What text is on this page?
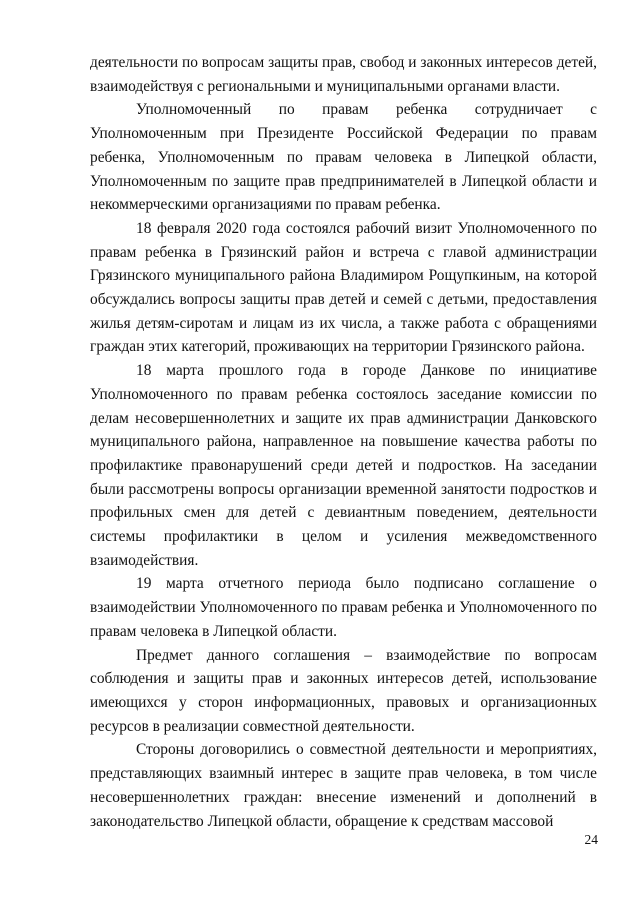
деятельности по вопросам защиты прав, свобод и законных интересов детей, взаимодействуя с региональными и муниципальными органами власти.

Уполномоченный по правам ребенка сотрудничает с Уполномоченным при Президенте Российской Федерации по правам ребенка, Уполномоченным по правам человека в Липецкой области, Уполномоченным по защите прав предпринимателей в Липецкой области и некоммерческими организациями по правам ребенка.

18 февраля 2020 года состоялся рабочий визит Уполномоченного по правам ребенка в Грязинский район и встреча с главой администрации Грязинского муниципального района Владимиром Рощупкиным, на которой обсуждались вопросы защиты прав детей и семей с детьми, предоставления жилья детям-сиротам и лицам из их числа, а также работа с обращениями граждан этих категорий, проживающих на территории Грязинского района.

18 марта прошлого года в городе Данкове по инициативе Уполномоченного по правам ребенка состоялось заседание комиссии по делам несовершеннолетних и защите их прав администрации Данковского муниципального района, направленное на повышение качества работы по профилактике правонарушений среди детей и подростков. На заседании были рассмотрены вопросы организации временной занятости подростков и профильных смен для детей с девиантным поведением, деятельности системы профилактики в целом и усиления межведомственного взаимодействия.

19 марта отчетного периода было подписано соглашение о взаимодействии Уполномоченного по правам ребенка и Уполномоченного по правам человека в Липецкой области.

Предмет данного соглашения – взаимодействие по вопросам соблюдения и защиты прав и законных интересов детей, использование имеющихся у сторон информационных, правовых и организационных ресурсов в реализации совместной деятельности.

Стороны договорились о совместной деятельности и мероприятиях, представляющих взаимный интерес в защите прав человека, в том числе несовершеннолетних граждан: внесение изменений и дополнений в законодательство Липецкой области, обращение к средствам массовой

24
